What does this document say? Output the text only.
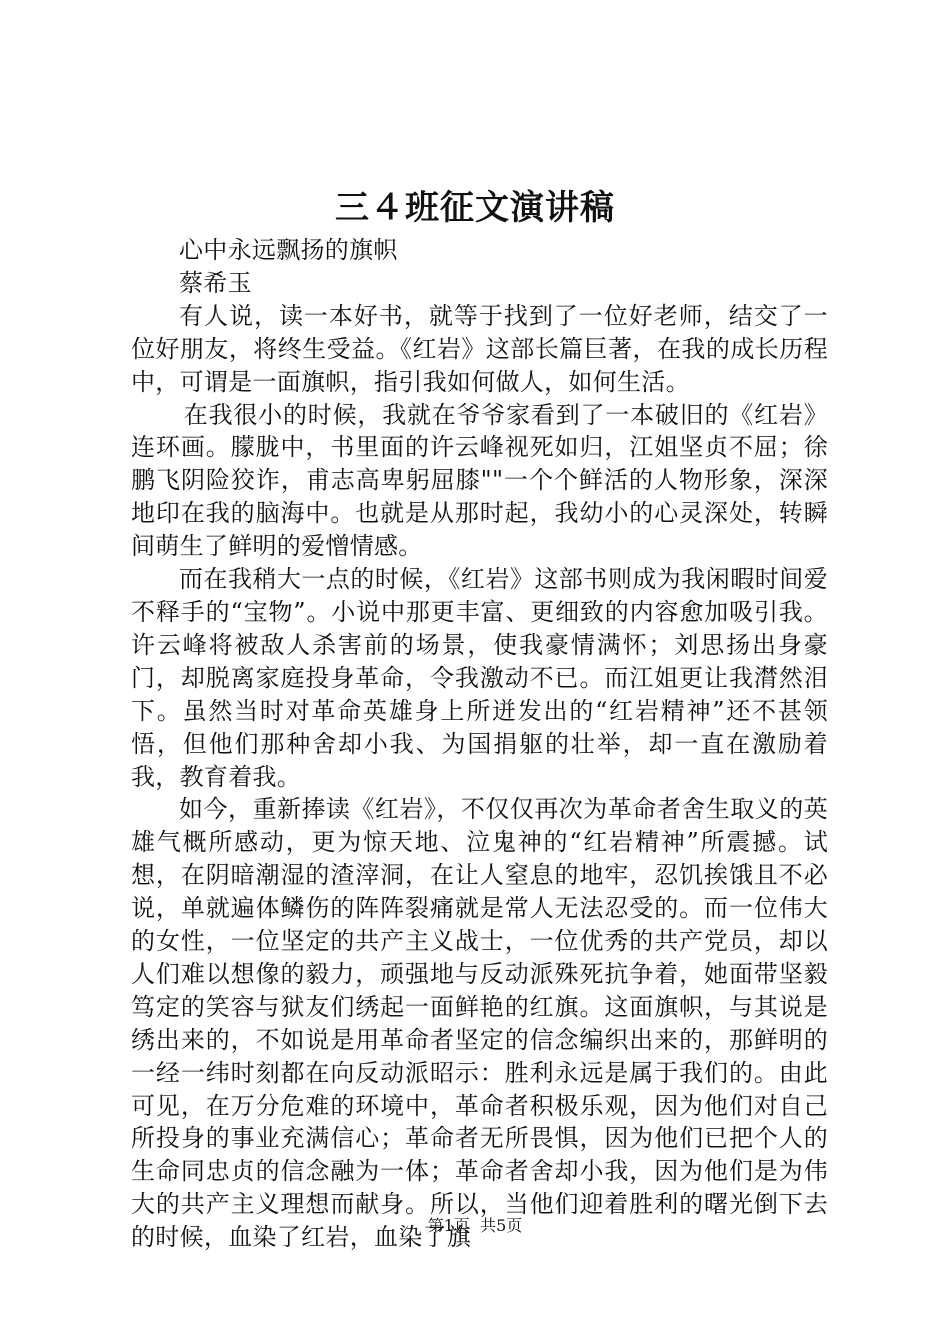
三４班征文演讲稿

心中永远飘扬的旗帜

蔡希玉

有人说，读一本好书，就等于找到了一位好老师，结交了一位好朋友，将终生受益。《红岩》这部长篇巨著，在我的成长历程中，可谓是一面旗帜，指引我如何做人，如何生活。

在我很小的时候，我就在爷爷家看到了一本破旧的《红岩》连环画。朦胧中，书里面的许云峰视死如归，江姐坚贞不屈；徐鹏飞阴险狡诈，甫志高卑躬屈膝""一个个鲜活的人物形象，深深地印在我的脑海中。也就是从那时起，我幼小的心灵深处，转瞬间萌生了鲜明的爱憎情感。

而在我稍大一点的时候，《红岩》这部书则成为我闲暇时间爱不释手的“宝物”。小说中那更丰富、更细致的内容愈加吸引我。许云峰将被敌人杀害前的场景，使我豪情满怀；刘思扬出身豪门，却脱离家庭投身革命，令我激动不已。而江姐更让我潸然泪下。虽然当时对革命英雄身上所迸发出的“红岩精神”还不甚领悟，但他们那种舍却小我、为国捐躯的壮举，却一直在激励着我，教育着我。

如今，重新捧读《红岩》，不仅仅再次为革命者舍生取义的英雄气概所感动，更为惊天地、泣鬼神的“红岩精神”所震撼。试想，在阴暗潮湿的渣滓洞，在让人窒息的地牢，忍饥挨饿且不必说，单就遍体鳞伤的阵阵裂痛就是常人无法忍受的。而一位伟大的女性，一位坚定的共产主义战士，一位优秀的共产党员，却以人们难以想像的毅力，顽强地与反动派殊死抗争着，她面带坚毅笃定的笑容与狱友们绣起一面鲜艳的红旗。这面旗帜，与其说是绣出来的，不如说是用革命者坚定的信念编织出来的，那鲜明的一经一纬时刻都在向反动派昭示：胜利永远是属于我们的。由此可见，在万分危难的环境中，革命者积极乐观，因为他们对自己所投身的事业充满信心；革命者无所畏惧，因为他们已把个人的生命同忠贞的信念融为一体；革命者舍却小我，因为他们是为伟大的共产主义理想而献身。所以，当他们迎着胜利的曙光倒下去的时候，血染了红岩，血染了旗

第1页  共5页
